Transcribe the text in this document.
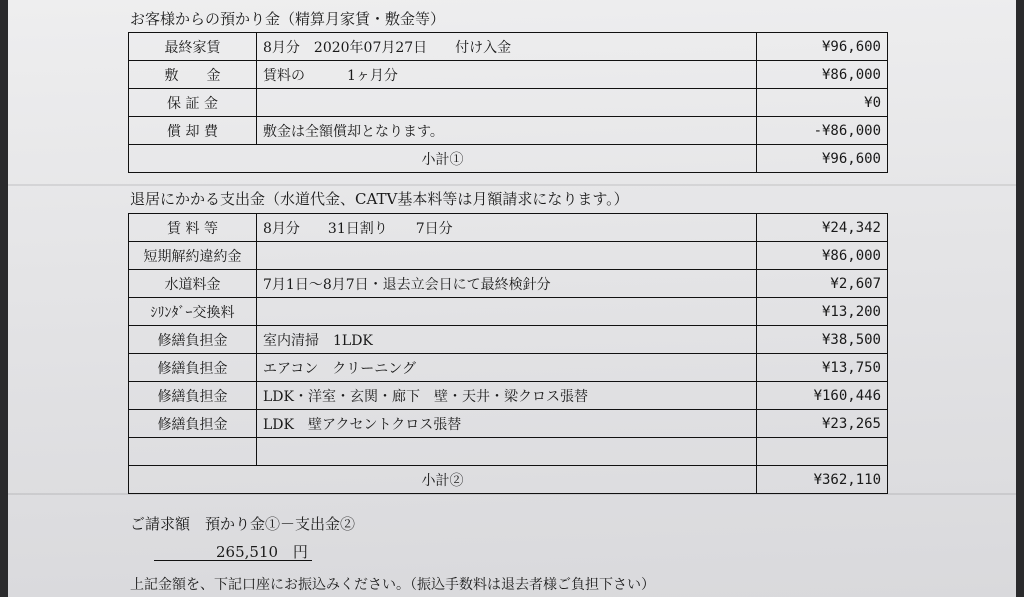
お客様からの預かり金（精算月家賃・敷金等）
最終家賃	8月分　2020年07月27日　　付け入金	¥96,600
敷　　金	賃料の　　　1ヶ月分	¥86,000
保 証 金		¥0
償 却 費	敷金は全額償却となります。	-¥86,000
小計①		¥96,600
退居にかかる支出金（水道代金、CATV基本料等は月額請求になります。）
賃 料 等	8月分　　31日割り　　7日分	¥24,342
短期解約違約金		¥86,000
水道料金	7月1日～8月7日・退去立会日にて最終検針分	¥2,607
ｼﾘﾝﾀﾞｰ交換料		¥13,200
修繕負担金	室内清掃　1LDK	¥38,500
修繕負担金	エアコン　クリーニング	¥13,750
修繕負担金	LDK・洋室・玄関・廊下　壁・天井・梁クロス張替	¥160,446
修繕負担金	LDK　壁アクセントクロス張替	¥23,265

小計②		¥362,110
ご請求額　預かり金①－支出金②
265,510 円
上記金額を、下記口座にお振込みください。（振込手数料は退去者様ご負担下さい）
